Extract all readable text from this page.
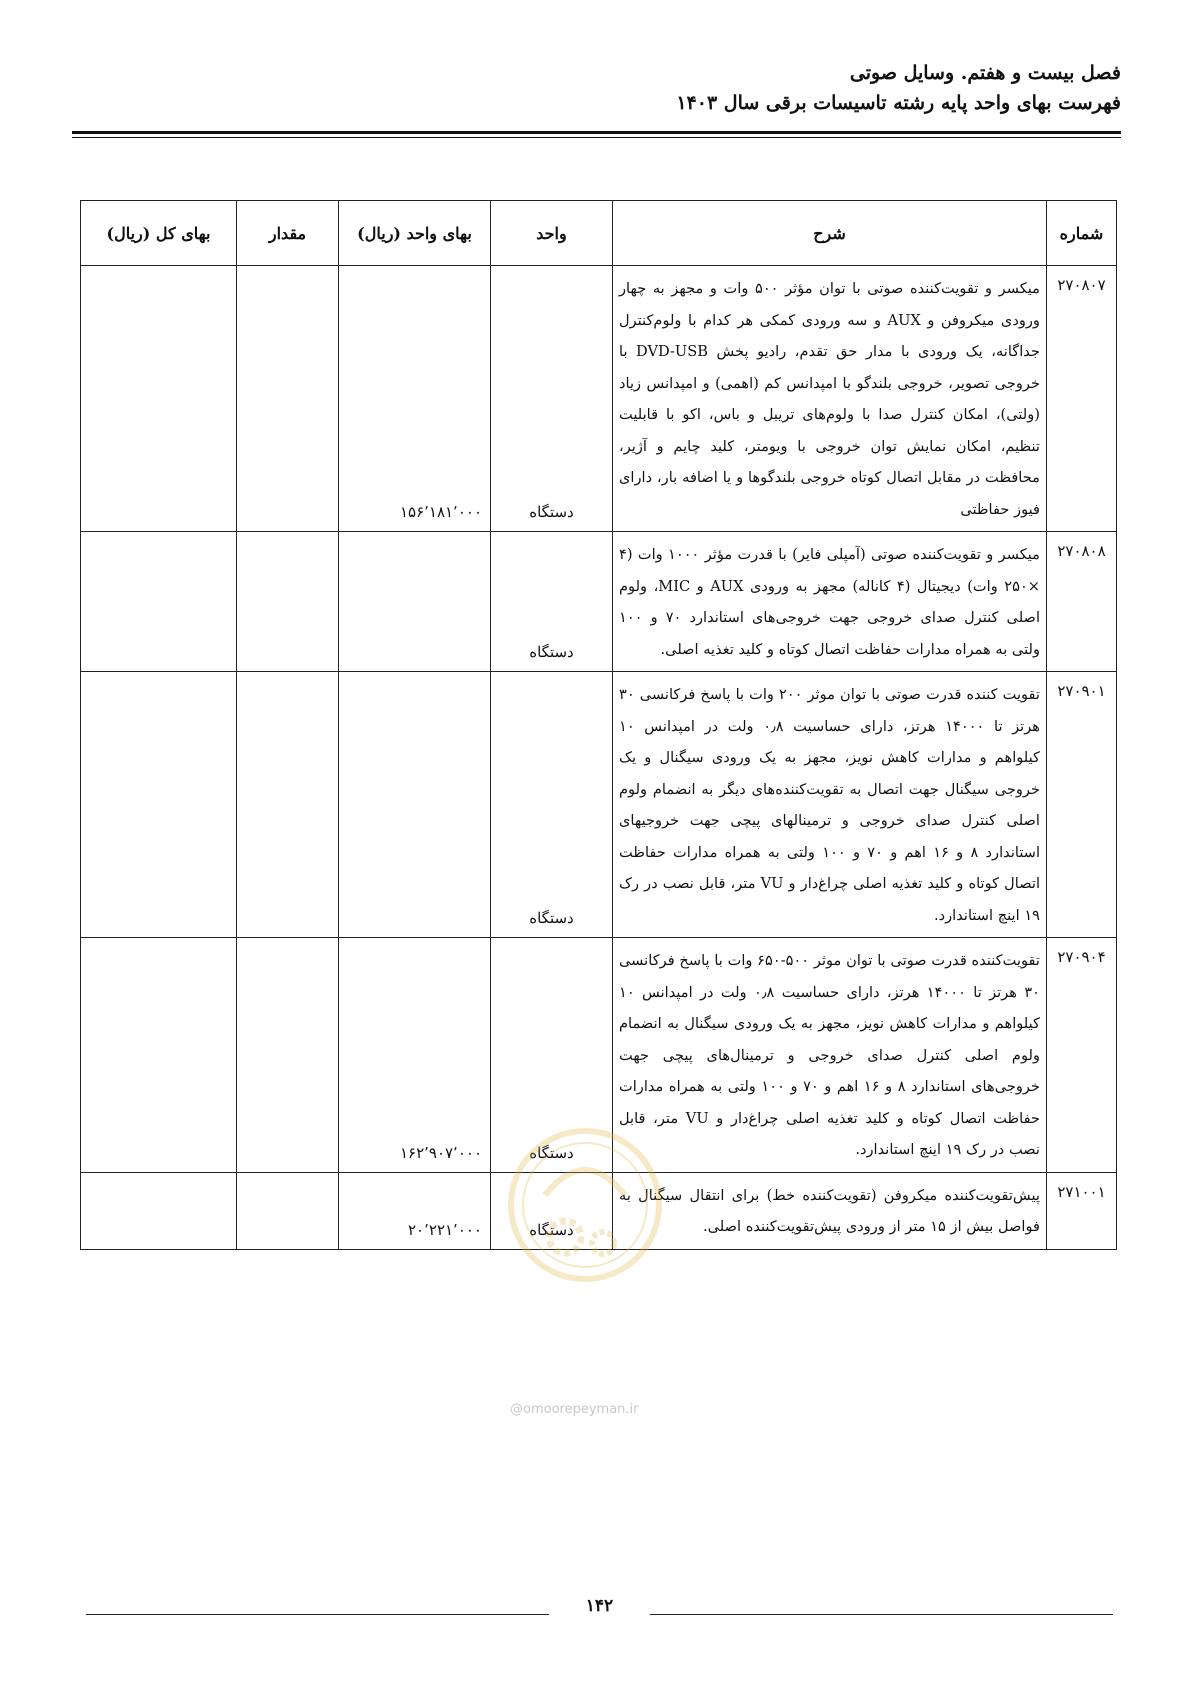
فصل بیست و هفتم. وسایل صوتی
فهرست بهای واحد پایه رشته تاسیسات برقی سال ۱۴۰۳
شماره	شرح	واحد	بهای واحد (ریال)	مقدار	بهای کل (ریال)
۲۷۰۸۰۷	میکسر و تقویت‌کننده صوتی با توان مؤثر ۵۰۰ وات و مجهز به چهار ورودی میکروفن و AUX و سه ورودی کمکی هر کدام با ولوم‌کنترل جداگانه، یک ورودی با مدار حق تقدم، رادیو پخش DVD-USB با خروجی تصویر، خروجی بلندگو با امپدانس کم (اهمی) و امپدانس زیاد (ولتی)، امکان کنترل صدا با ولوم‌های تریبل و باس، اکو با قابلیت تنظیم، امکان نمایش توان خروجی با ویومتر، کلید چایم و آژیر، محافظت در مقابل اتصال کوتاه خروجی بلندگوها و یا اضافه بار، دارای فیوز حفاظتی	دستگاه	۱۵۶٬۱۸۱٬۰۰۰		
۲۷۰۸۰۸	میکسر و تقویت‌کننده صوتی (آمپلی فایر) با قدرت مؤثر ۱۰۰۰ وات (۴ ×۲۵۰ وات) دیجیتال (۴ کاناله) مجهز به ورودی AUX و MIC، ولوم اصلی کنترل صدای خروجی جهت خروجی‌های استاندارد ۷۰ و ۱۰۰ ولتی به همراه مدارات حفاظت اتصال کوتاه و کلید تغذیه اصلی.	دستگاه			
۲۷۰۹۰۱	تقویت کننده قدرت صوتی با توان موثر ۲۰۰ وات با پاسخ فرکانسی ۳۰ هرتز تا ۱۴۰۰۰ هرتز، دارای حساسیت ۰٫۸ ولت در امپدانس ۱۰ کیلواهم و مدارات کاهش نویز، مجهز به یک ورودی سیگنال و یک خروجی سیگنال جهت اتصال به تقویت‌کننده‌های دیگر به انضمام ولوم اصلی کنترل صدای خروجی و ترمینالهای پیچی جهت خروجیهای استاندارد ۸ و ۱۶ اهم و ۷۰ و ۱۰۰ ولتی به همراه مدارات حفاظت اتصال کوتاه و کلید تغذیه اصلی چراغ‌دار و VU متر، قابل نصب در رک ۱۹ اینچ استاندارد.	دستگاه			
۲۷۰۹۰۴	تقویت‌کننده قدرت صوتی با توان موثر ۵۰۰-۶۵۰ وات با پاسخ فرکانسی ۳۰ هرتز تا ۱۴۰۰۰ هرتز، دارای حساسیت ۰٫۸ ولت در امپدانس ۱۰ کیلواهم و مدارات کاهش نویز، مجهز به یک ورودی سیگنال به انضمام ولوم اصلی کنترل صدای خروجی و ترمینال‌های پیچی جهت خروجی‌های استاندارد ۸ و ۱۶ اهم و ۷۰ و ۱۰۰ ولتی به همراه مدارات حفاظت اتصال کوتاه و کلید تغذیه اصلی چراغ‌دار و VU متر، قابل نصب در رک ۱۹ اینچ استاندارد.	دستگاه	۱۶۲٬۹۰۷٬۰۰۰		
۲۷۱۰۰۱	پیش‌تقویت‌کننده میکروفن (تقویت‌کننده خط) برای انتقال سیگنال به فواصل بیش از ۱۵ متر از ورودی پیش‌تقویت‌کننده اصلی.	دستگاه	۲۰٬۲۲۱٬۰۰۰		
@omoorepeyman.ir
۱۴۲
